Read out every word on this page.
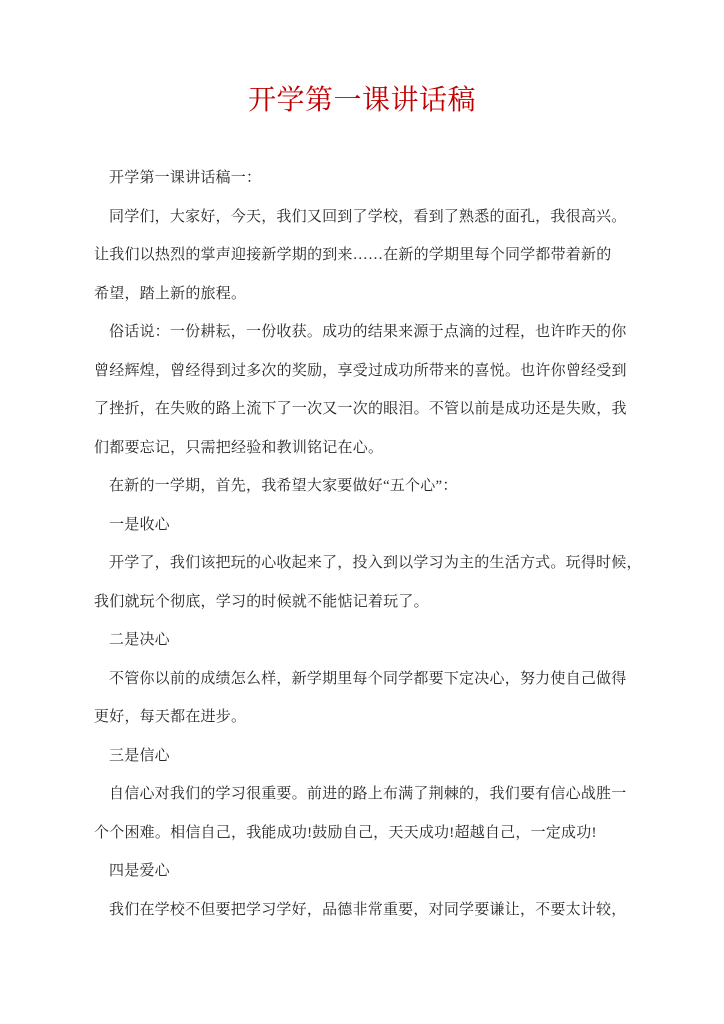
开学第一课讲话稿
开学第一课讲话稿一：
同学们，大家好，今天，我们又回到了学校，看到了熟悉的面孔，我很高兴。
让我们以热烈的掌声迎接新学期的到来……在新的学期里每个同学都带着新的
希望，踏上新的旅程。
俗话说：一份耕耘，一份收获。成功的结果来源于点滴的过程，也许昨天的你
曾经辉煌，曾经得到过多次的奖励，享受过成功所带来的喜悦。也许你曾经受到
了挫折，在失败的路上流下了一次又一次的眼泪。不管以前是成功还是失败，我
们都要忘记，只需把经验和教训铭记在心。
在新的一学期，首先，我希望大家要做好“五个心”：
一是收心
开学了，我们该把玩的心收起来了，投入到以学习为主的生活方式。玩得时候，
我们就玩个彻底，学习的时候就不能惦记着玩了。
二是决心
不管你以前的成绩怎么样，新学期里每个同学都要下定决心，努力使自己做得
更好，每天都在进步。
三是信心
自信心对我们的学习很重要。前进的路上布满了荆棘的，我们要有信心战胜一
个个困难。相信自己，我能成功!鼓励自己，天天成功!超越自己，一定成功!
四是爱心
我们在学校不但要把学习学好，品德非常重要，对同学要谦让，不要太计较，
